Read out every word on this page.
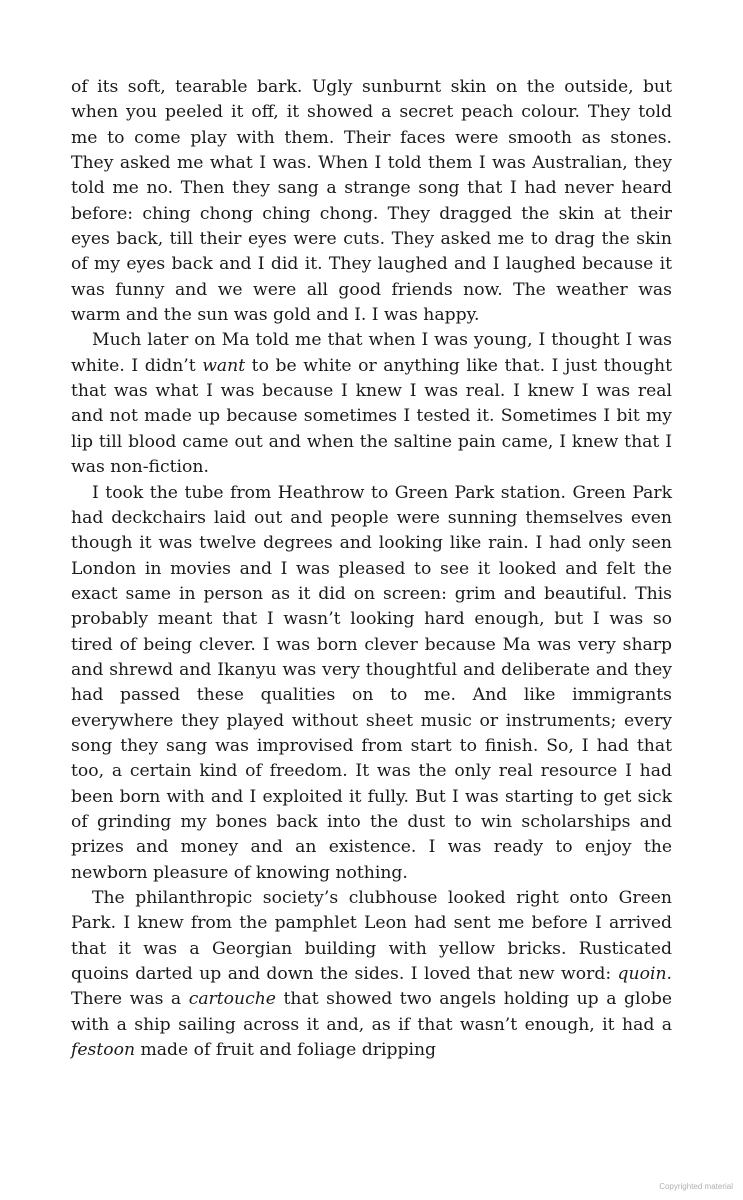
of its soft, tearable bark. Ugly sunburnt skin on the outside, but when you peeled it off, it showed a secret peach colour. They told me to come play with them. Their faces were smooth as stones. They asked me what I was. When I told them I was Australian, they told me no. Then they sang a strange song that I had never heard before: ching chong ching chong. They dragged the skin at their eyes back, till their eyes were cuts. They asked me to drag the skin of my eyes back and I did it. They laughed and I laughed because it was funny and we were all good friends now. The weather was warm and the sun was gold and I. I was happy.

Much later on Ma told me that when I was young, I thought I was white. I didn’t want to be white or anything like that. I just thought that was what I was because I knew I was real. I knew I was real and not made up because sometimes I tested it. Sometimes I bit my lip till blood came out and when the saltine pain came, I knew that I was non-fiction.

I took the tube from Heathrow to Green Park station. Green Park had deckchairs laid out and people were sunning themselves even though it was twelve degrees and looking like rain. I had only seen London in movies and I was pleased to see it looked and felt the exact same in person as it did on screen: grim and beautiful. This probably meant that I wasn’t looking hard enough, but I was so tired of being clever. I was born clever because Ma was very sharp and shrewd and Ikanyu was very thoughtful and deliberate and they had passed these qualities on to me. And like immigrants everywhere they played without sheet music or instruments; every song they sang was improvised from start to finish. So, I had that too, a certain kind of freedom. It was the only real resource I had been born with and I exploited it fully. But I was starting to get sick of grinding my bones back into the dust to win scholarships and prizes and money and an existence. I was ready to enjoy the newborn pleasure of knowing nothing.

The philanthropic society’s clubhouse looked right onto Green Park. I knew from the pamphlet Leon had sent me before I arrived that it was a Georgian building with yellow bricks. Rusticated quoins darted up and down the sides. I loved that new word: quoin. There was a cartouche that showed two angels holding up a globe with a ship sailing across it and, as if that wasn’t enough, it had a festoon made of fruit and foliage dripping

Copyrighted material
